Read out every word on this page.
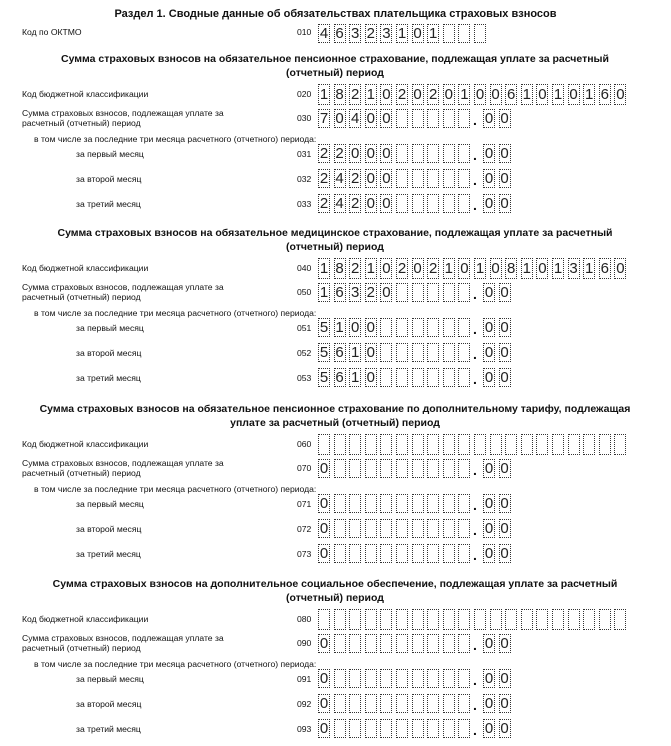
Раздел 1. Сводные данные об обязательствах плательщика страховых взносов
Код по ОКТМО	010 4 6 3 2 3 1 0 1
Сумма страховых взносов на обязательное пенсионное страхование, подлежащая уплате за расчетный
(отчетный) период
Код бюджетной классификации	020 1 8 2 1 0 2 0 2 0 1 0 0 6 1 0 1 0 1 6 0
Сумма страховых взносов, подлежащая уплате за
расчетный (отчетный) период	030 7 0 4 0 0	. 0 0
в том числе за последние три месяца расчетного (отчетного) периода:
за первый месяц	031 2 2 0 0 0	. 0 0
за второй месяц	032 2 4 2 0 0	. 0 0
за третий месяц	033 2 4 2 0 0	. 0 0
Сумма страховых взносов на обязательное медицинское страхование, подлежащая уплате за расчетный
(отчетный) период
Код бюджетной классификации	040 1 8 2 1 0 2 0 2 1 0 1 0 8 1 0 1 3 1 6 0
Сумма страховых взносов, подлежащая уплате за
расчетный (отчетный) период	050 1 6 3 2 0	. 0 0
в том числе за последние три месяца расчетного (отчетного) периода:
за первый месяц	051 5 1 0 0	. 0 0
за второй месяц	052 5 6 1 0	. 0 0
за третий месяц	053 5 6 1 0	. 0 0
Сумма страховых взносов на обязательное пенсионное страхование по дополнительному тарифу, подлежащая
уплате за расчетный (отчетный) период
Код бюджетной классификации	060
Сумма страховых взносов, подлежащая уплате за
расчетный (отчетный) период	070 0	. 0 0
в том числе за последние три месяца расчетного (отчетного) периода:
за первый месяц	071 0	. 0 0
за второй месяц	072 0	. 0 0
за третий месяц	073 0	. 0 0
Сумма страховых взносов на дополнительное социальное обеспечение, подлежащая уплате за расчетный
(отчетный) период
Код бюджетной классификации	080
Сумма страховых взносов, подлежащая уплате за
расчетный (отчетный) период	090 0	. 0 0
в том числе за последние три месяца расчетного (отчетного) периода:
за первый месяц	091 0	. 0 0
за второй месяц	092 0	. 0 0
за третий месяц	093 0	. 0 0
